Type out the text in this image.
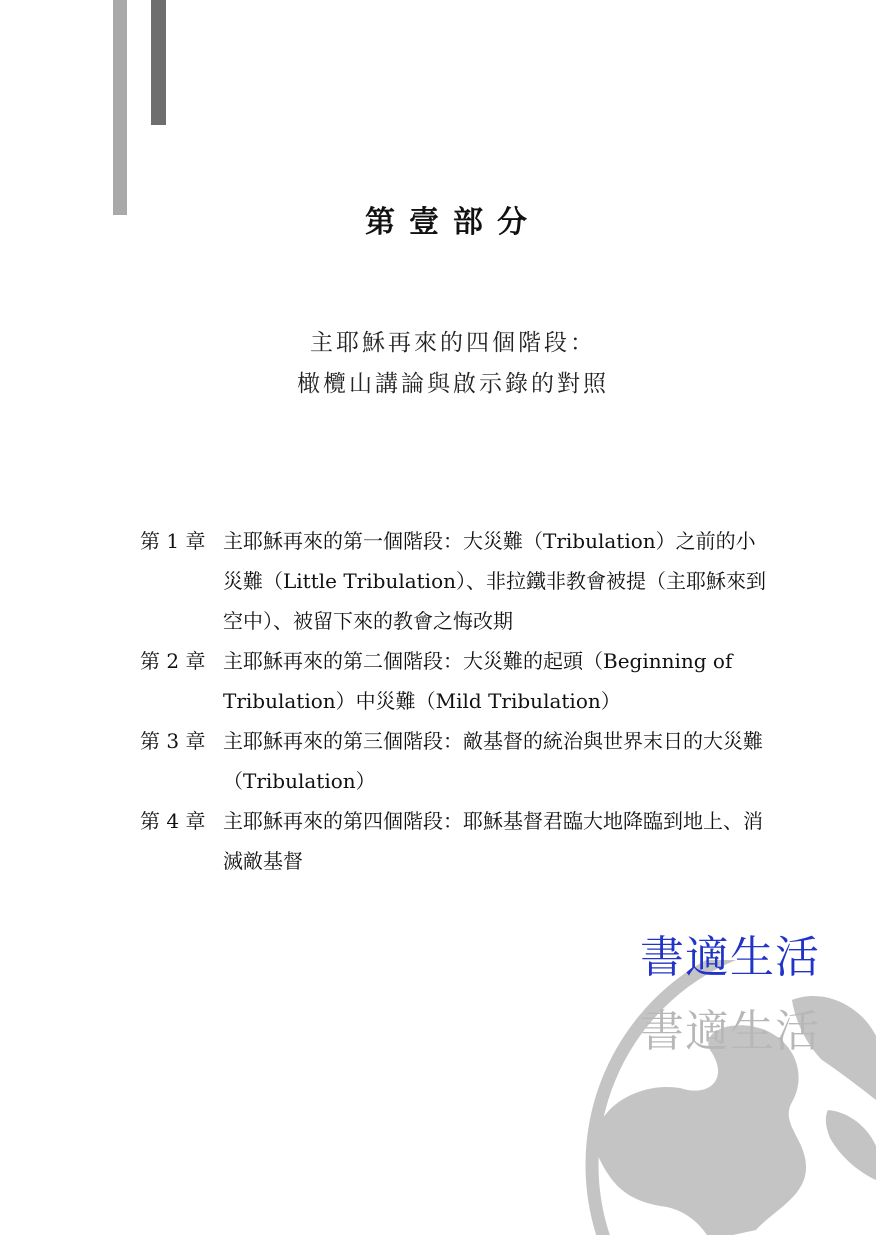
第壹部分
主耶穌再來的四個階段：
橄欖山講論與啟示錄的對照
第 1 章 主耶穌再來的第一個階段：大災難（Tribulation）之前的小災難（Little Tribulation）、非拉鐵非教會被提（主耶穌來到空中）、被留下來的教會之悔改期
第 2 章 主耶穌再來的第二個階段：大災難的起頭（Beginning of Tribulation）中災難（Mild Tribulation）
第 3 章 主耶穌再來的第三個階段：敵基督的統治與世界末日的大災難（Tribulation）
第 4 章 主耶穌再來的第四個階段：耶穌基督君臨大地降臨到地上、消滅敵基督
書適生活
書適生活
